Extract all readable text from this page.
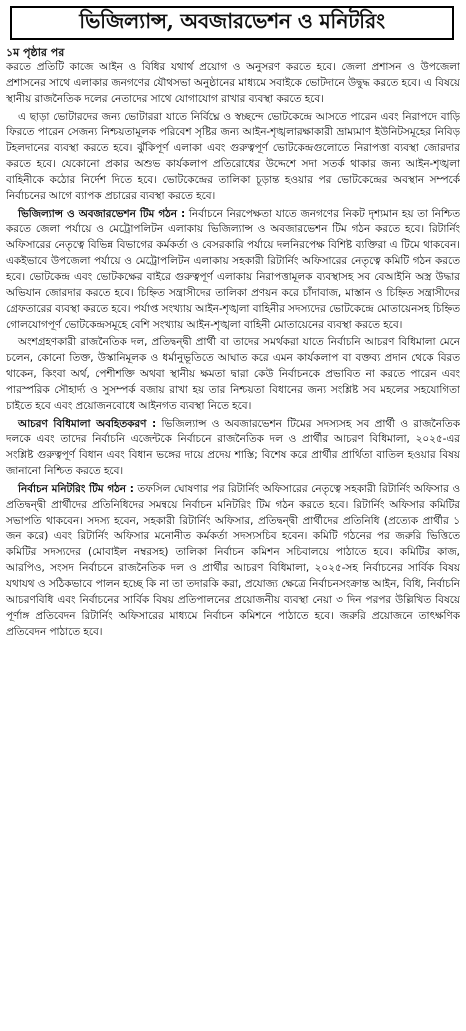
ভিজিল্যান্স, অবজারভেশন ও মনিটরিং
১ম পৃষ্ঠার পর

করতে প্রতিটি কাজে আইন ও বিধির যথার্থ প্রয়োগ ও অনুসরণ করতে হবে। জেলা প্রশাসন ও উপজেলা প্রশাসনের সাথে এলাকার জনগণের যৌথসভা অনুষ্ঠানের মাধ্যমে সবাইকে ভোটদানে উদ্বুদ্ধ করতে হবে। এ বিষয়ে স্থানীয় রাজনৈতিক দলের নেতাদের সাথে যোগাযোগ রাখার ব্যবস্থা করতে হবে।

এ ছাড়া ভোটারদের জন্য ভোটাররা যাতে নির্বিঘ্নে ও স্বচ্ছন্দে ভোটকেন্দ্রে আসতে পারেন এবং নিরাপদে বাড়ি ফিরতে পারেন সেজন্য নিশ্চয়তামূলক পরিবেশ সৃষ্টির জন্য আইন-শৃঙ্খলারক্ষাকারী ভ্রাম্যমাণ ইউনিটসমূহের নিবিড় টহলদানের ব্যবস্থা করতে হবে। ঝুঁকিপূর্ণ এলাকা এবং গুরুত্বপূর্ণ ভোটকেন্দ্রগুলোতে নিরাপত্তা ব্যবস্থা জোরদার করতে হবে। যেকোনো প্রকার অশুভ কার্যকলাপ প্রতিরোধের উদ্দেশে সদা সতর্ক থাকার জন্য আইন-শৃঙ্খলা বাহিনীকে কঠোর নির্দেশ দিতে হবে। ভোটকেন্দ্রের তালিকা চূড়ান্ত হওয়ার পর ভোটকেন্দ্রের অবস্থান সম্পর্কে নির্বাচনের আগে ব্যাপক প্রচারের ব্যবস্থা করতে হবে।

ভিজিল্যান্স ও অবজারভেশন টিম গঠন : নির্বাচনে নিরপেক্ষতা যাতে জনগণের নিকট দৃশ্যমান হয় তা নিশ্চিত করতে জেলা পর্যায়ে ও মেট্রোপলিটন এলাকায় ভিজিল্যান্স ও অবজারভেশন টিম গঠন করতে হবে। রিটার্নিং অফিসারের নেতৃত্বে বিভিন্ন বিভাগের কর্মকর্তা ও বেসরকারি পর্যায়ে দলনিরপেক্ষ বিশিষ্ট ব্যক্তিরা এ টিমে থাকবেন। একইভাবে উপজেলা পর্যায়ে ও মেট্রোপলিটন এলাকায় সহকারী রিটার্নিং অফিসারের নেতৃত্বে কমিটি গঠন করতে হবে। ভোটকেন্দ্র এবং ভোটকক্ষের বাইরে গুরুত্বপূর্ণ এলাকায় নিরাপত্তামূলক ব্যবস্থাসহ সব বেআইনি অস্ত্র উদ্ধার অভিযান জোরদার করতে হবে। চিহ্নিত সন্ত্রাসীদের তালিকা প্রণয়ন করে চাঁদাবাজ, মাস্তান ও চিহ্নিত সন্ত্রাসীদের গ্রেফতারের ব্যবস্থা করতে হবে। পর্যাপ্ত সংখ্যায় আইন-শৃঙ্খলা বাহিনীর সদস্যদের ভোটকেন্দ্রে মোতায়েনসহ চিহ্নিত গোলযোগপূর্ণ ভোটকেন্দ্রসমূহে বেশি সংখ্যায় আইন-শৃঙ্খলা বাহিনী মোতায়েনের ব্যবস্থা করতে হবে।

অংশগ্রহণকারী রাজনৈতিক দল, প্রতিদ্বন্দ্বী প্রার্থী বা তাদের সমর্থকরা যাতে নির্বাচনি আচরণ বিধিমালা মেনে চলেন, কোনো তিক্ত, উস্কানিমূলক ও ধর্মানুভূতিতে আঘাত করে এমন কার্যকলাপ বা বক্তব্য প্রদান থেকে বিরত থাকেন, কিংবা অর্থ, পেশীশক্তি অথবা স্থানীয় ক্ষমতা দ্বারা কেউ নির্বাচনকে প্রভাবিত না করতে পারেন এবং পারস্পরিক সৌহার্দ্য ও সুসম্পর্ক বজায় রাখা হয় তার নিশ্চয়তা বিধানের জন্য সংশ্লিষ্ট সব মহলের সহযোগিতা চাইতে হবে এবং প্রয়োজনবোধে আইনগত ব্যবস্থা নিতে হবে।

আচরণ বিধিমালা অবহিতকরণ : ভিজিল্যান্স ও অবজারভেশন টিমের সদস্যসহ সব প্রার্থী ও রাজনৈতিক দলকে এবং তাদের নির্বাচনি এজেন্টকে নির্বাচনে রাজনৈতিক দল ও প্রার্থীর আচরণ বিধিমালা, ২০২৫-এর সংশ্লিষ্ট গুরুত্বপূর্ণ বিধান এবং বিধান ভঙ্গের দায়ে প্রদেয় শাস্তি; বিশেষ করে প্রার্থীর প্রার্থিতা বাতিল হওয়ার বিষয় জানানো নিশ্চিত করতে হবে।

নির্বাচন মনিটরিং টিম গঠন : তফসিল ঘোষণার পর রিটার্নিং অফিসারের নেতৃত্বে সহকারী রিটার্নিং অফিসার ও প্রতিদ্বন্দ্বী প্রার্থীদের প্রতিনিধিদের সমন্বয়ে নির্বাচন মনিটরিং টিম গঠন করতে হবে। রিটার্নিং অফিসার কমিটির সভাপতি থাকবেন। সদস্য হবেন, সহকারী রিটার্নিং অফিসার, প্রতিদ্বন্দ্বী প্রার্থীদের প্রতিনিধি (প্রত্যেক প্রার্থীর ১ জন করে) এবং রিটার্নিং অফিসার মনোনীত কর্মকর্তা সদস্যসচিব হবেন। কমিটি গঠনের পর জরুরি ভিত্তিতে কমিটির সদস্যদের (মোবাইল নম্বরসহ) তালিকা নির্বাচন কমিশন সচিবালয়ে পাঠাতে হবে। কমিটির কাজ, আরপিও, সংসদ নির্বাচনে রাজনৈতিক দল ও প্রার্থীর আচরণ বিধিমালা, ২০২৫-সহ নির্বাচনের সার্বিক বিষয় যথাযথ ও সঠিকভাবে পালন হচ্ছে কি না তা তদারকি করা, প্রযোজ্য ক্ষেত্রে নির্বাচনসংক্রান্ত আইন, বিধি, নির্বাচনি আচরণবিধি এবং নির্বাচনের সার্বিক বিষয় প্রতিপালনের প্রয়োজনীয় ব্যবস্থা নেয়া ৩ দিন পরপর উল্লিখিত বিষয়ে পূর্ণাঙ্গ প্রতিবেদন রিটার্নিং অফিসারের মাধ্যমে নির্বাচন কমিশনে পাঠাতে হবে। জরুরি প্রয়োজনে তাৎক্ষণিক প্রতিবেদন পাঠাতে হবে।
